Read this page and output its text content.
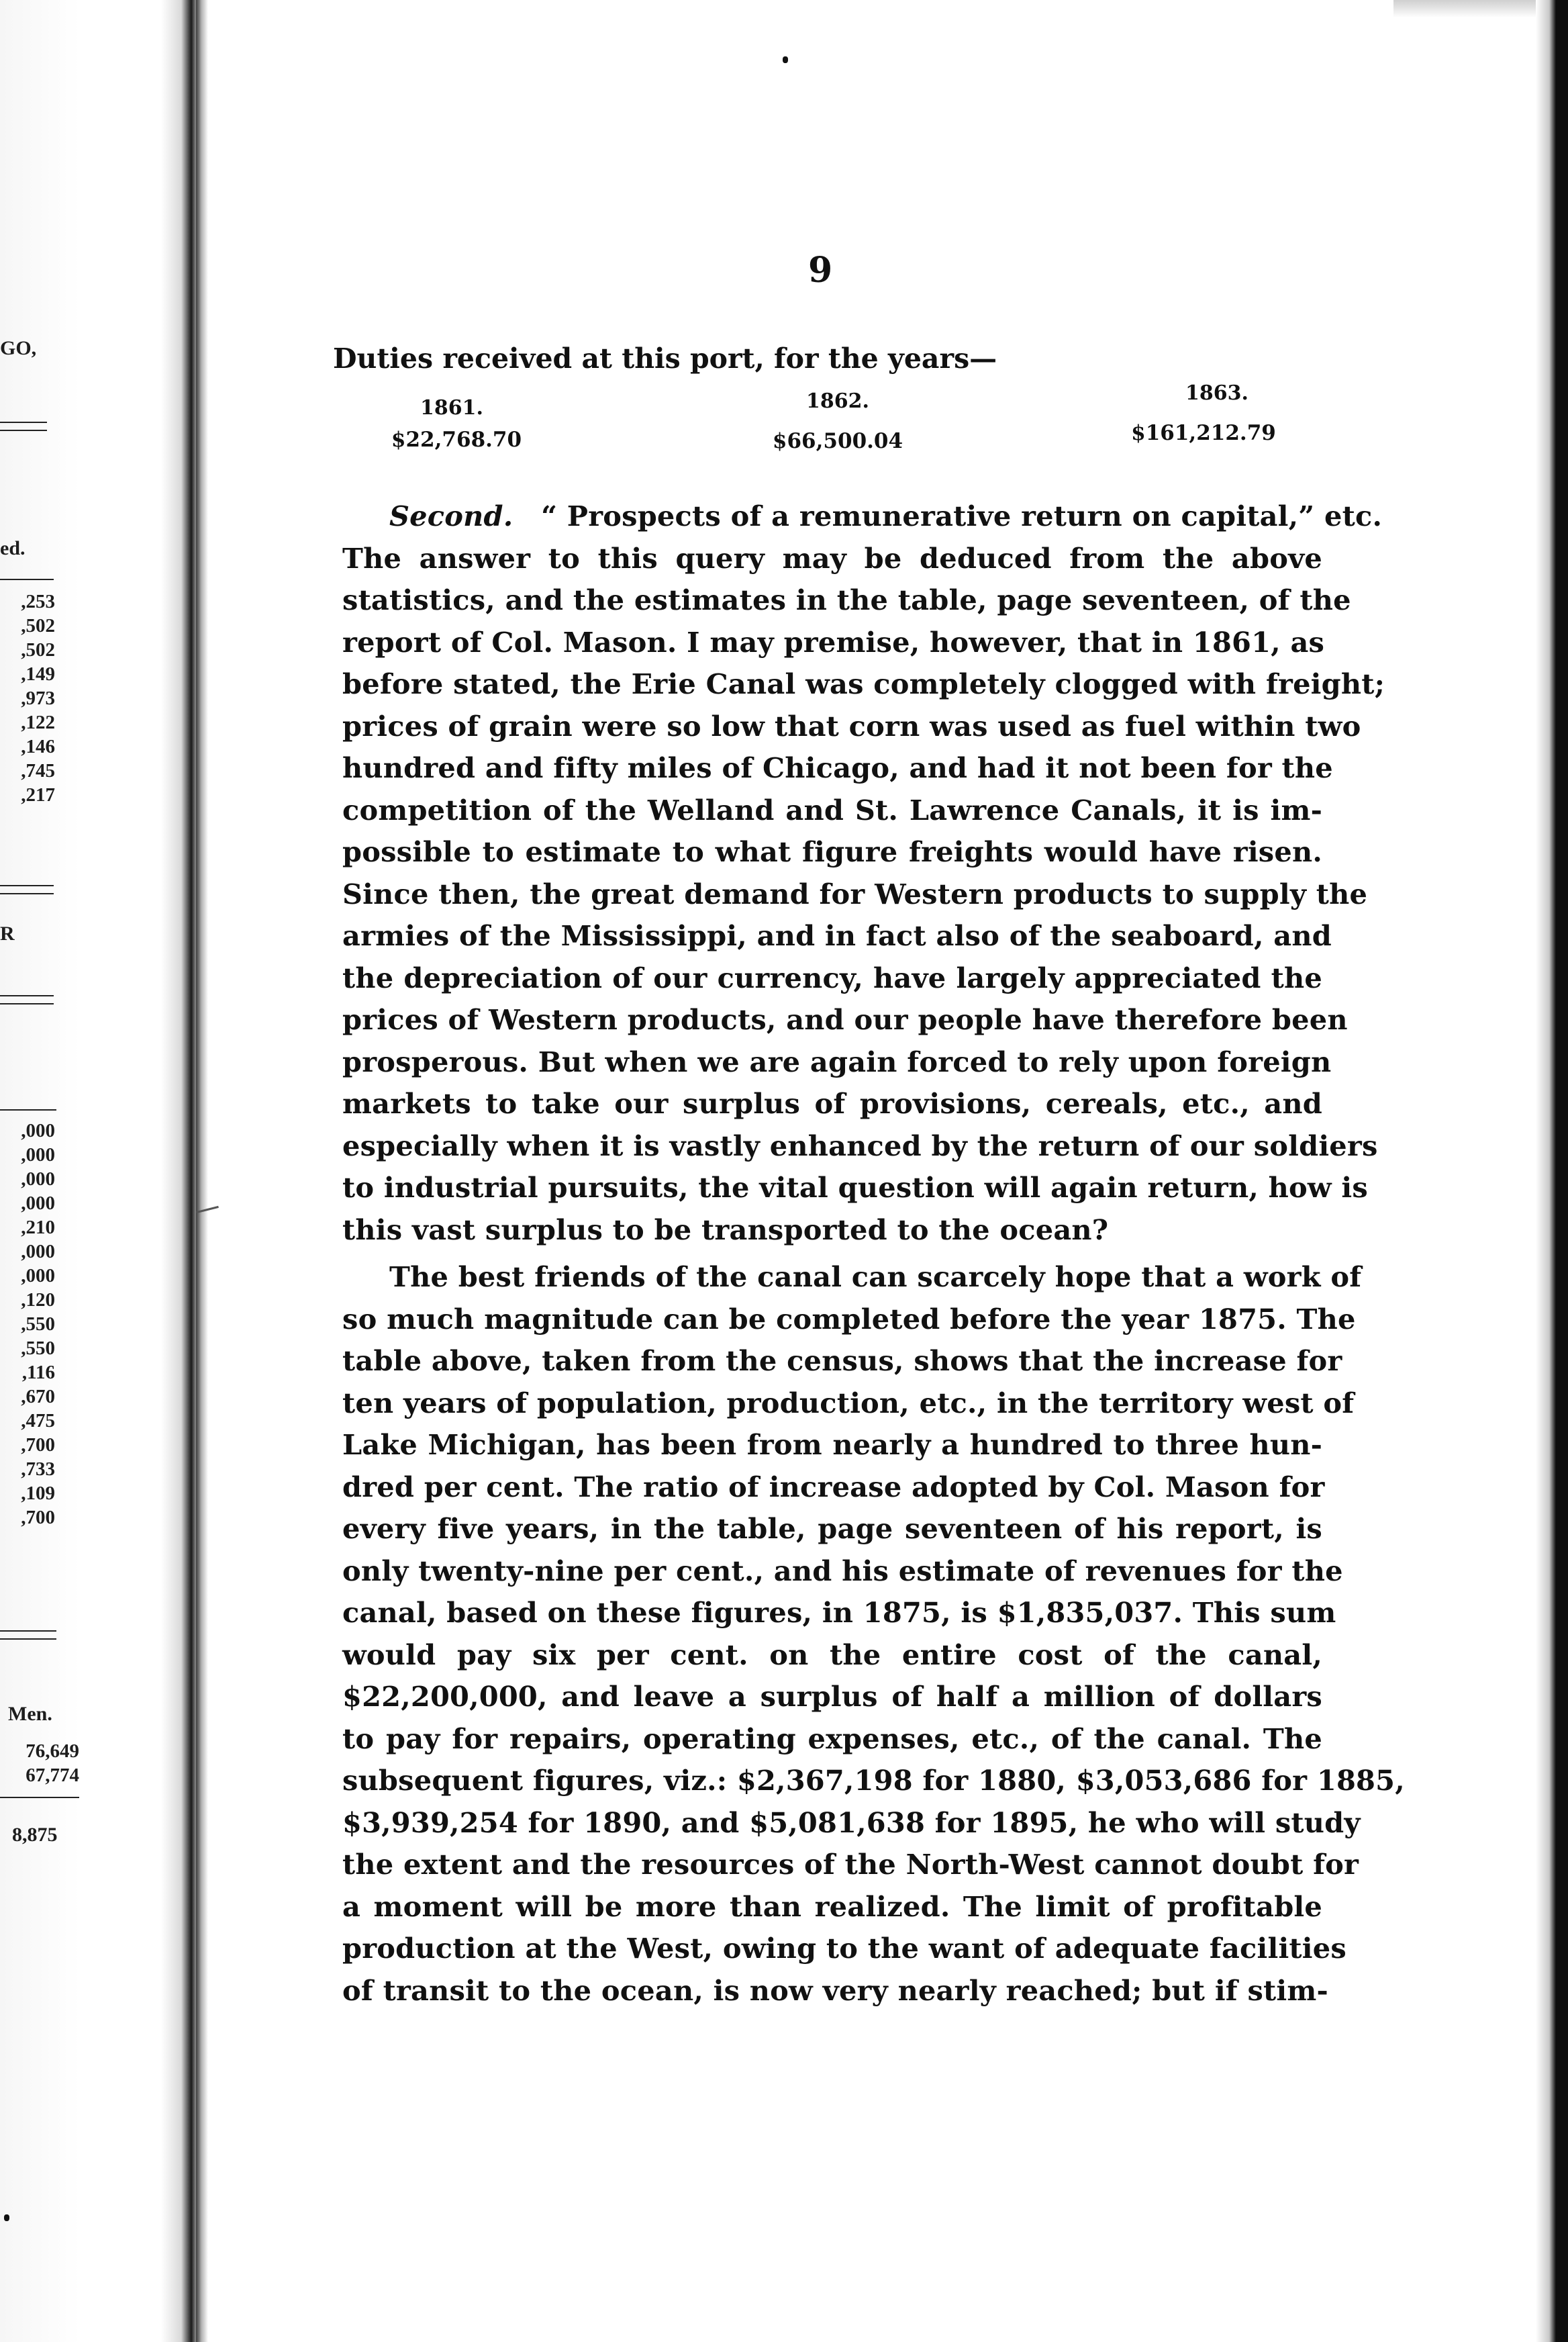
GO,
ed.
,253
,502
,502
,149
,973
,122
,146
,745
,217
R
,000
,000
,000
,000
,210
,000
,000
,120
,550
,550
,116
,670
,475
,700
,733
,109
,700
Men.
76,649
67,774
8,875
9
Duties received at this port, for the years—
1861.
$22,768.70
1862.
$66,500.04
1863.
$161,212.79
Second.  “ Prospects of a remunerative return on capital,” etc.
The answer to this query may be deduced from the above
statistics, and the estimates in the table, page seventeen, of the
report of Col. Mason. I may premise, however, that in 1861, as
before stated, the Erie Canal was completely clogged with freight;
prices of grain were so low that corn was used as fuel within two
hundred and fifty miles of Chicago, and had it not been for the
competition of the Welland and St. Lawrence Canals, it is im-
possible to estimate to what figure freights would have risen.
Since then, the great demand for Western products to supply the
armies of the Mississippi, and in fact also of the seaboard, and
the depreciation of our currency, have largely appreciated the
prices of Western products, and our people have therefore been
prosperous. But when we are again forced to rely upon foreign
markets to take our surplus of provisions, cereals, etc., and
especially when it is vastly enhanced by the return of our soldiers
to industrial pursuits, the vital question will again return, how is
this vast surplus to be transported to the ocean?
The best friends of the canal can scarcely hope that a work of
so much magnitude can be completed before the year 1875. The
table above, taken from the census, shows that the increase for
ten years of population, production, etc., in the territory west of
Lake Michigan, has been from nearly a hundred to three hun-
dred per cent. The ratio of increase adopted by Col. Mason for
every five years, in the table, page seventeen of his report, is
only twenty-nine per cent., and his estimate of revenues for the
canal, based on these figures, in 1875, is $1,835,037. This sum
would pay six per cent. on the entire cost of the canal,
$22,200,000, and leave a surplus of half a million of dollars
to pay for repairs, operating expenses, etc., of the canal. The
subsequent figures, viz.: $2,367,198 for 1880, $3,053,686 for 1885,
$3,939,254 for 1890, and $5,081,638 for 1895, he who will study
the extent and the resources of the North-West cannot doubt for
a moment will be more than realized. The limit of profitable
production at the West, owing to the want of adequate facilities
of transit to the ocean, is now very nearly reached; but if stim-
